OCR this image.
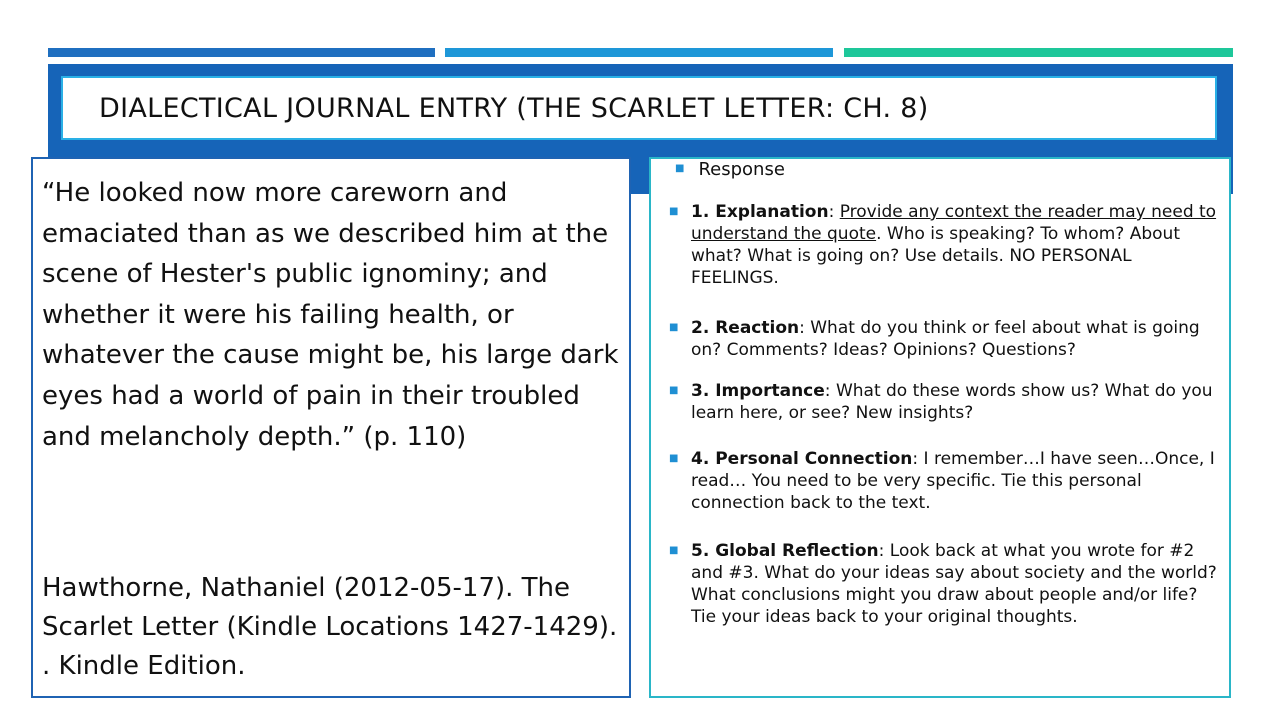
DIALECTICAL JOURNAL ENTRY (THE SCARLET LETTER: CH. 8)

“He looked now more careworn and emaciated than as we described him at the scene of Hester's public ignominy; and whether it were his failing health, or whatever the cause might be, his large dark eyes had a world of pain in their troubled and melancholy depth.” (p. 110)

Hawthorne, Nathaniel (2012-05-17). The Scarlet Letter (Kindle Locations 1427-1429). . Kindle Edition.

■ Response
■ 1. Explanation: Provide any context the reader may need to understand the quote. Who is speaking? To whom? About what? What is going on? Use details. NO PERSONAL FEELINGS.
■ 2. Reaction: What do you think or feel about what is going on? Comments? Ideas? Opinions? Questions?
■ 3. Importance: What do these words show us? What do you learn here, or see? New insights?
■ 4. Personal Connection: I remember…I have seen…Once, I read… You need to be very specific. Tie this personal connection back to the text.
■ 5. Global Reflection: Look back at what you wrote for #2 and #3. What do your ideas say about society and the world? What conclusions might you draw about people and/or life? Tie your ideas back to your original thoughts.
